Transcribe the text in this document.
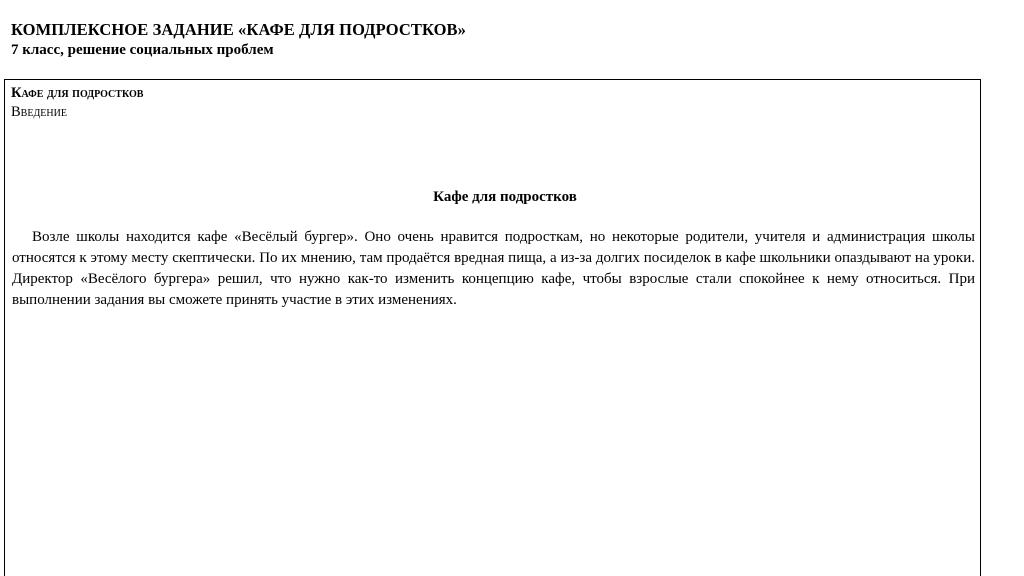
КОМПЛЕКСНОЕ ЗАДАНИЕ «КАФЕ ДЛЯ ПОДРОСТКОВ»
7 класс, решение социальных проблем
Кафе для подростков
Введение
Кафе для подростков

Возле школы находится кафе «Весёлый бургер». Оно очень нравится подросткам, но некоторые родители, учителя и администрация школы относятся к этому месту скептически. По их мнению, там продаётся вредная пища, а из-за долгих посиделок в кафе школьники опаздывают на уроки. Директор «Весёлого бургера» решил, что нужно как-то изменить концепцию кафе, чтобы взрослые стали спокойнее к нему относиться. При выполнении задания вы сможете принять участие в этих изменениях.
